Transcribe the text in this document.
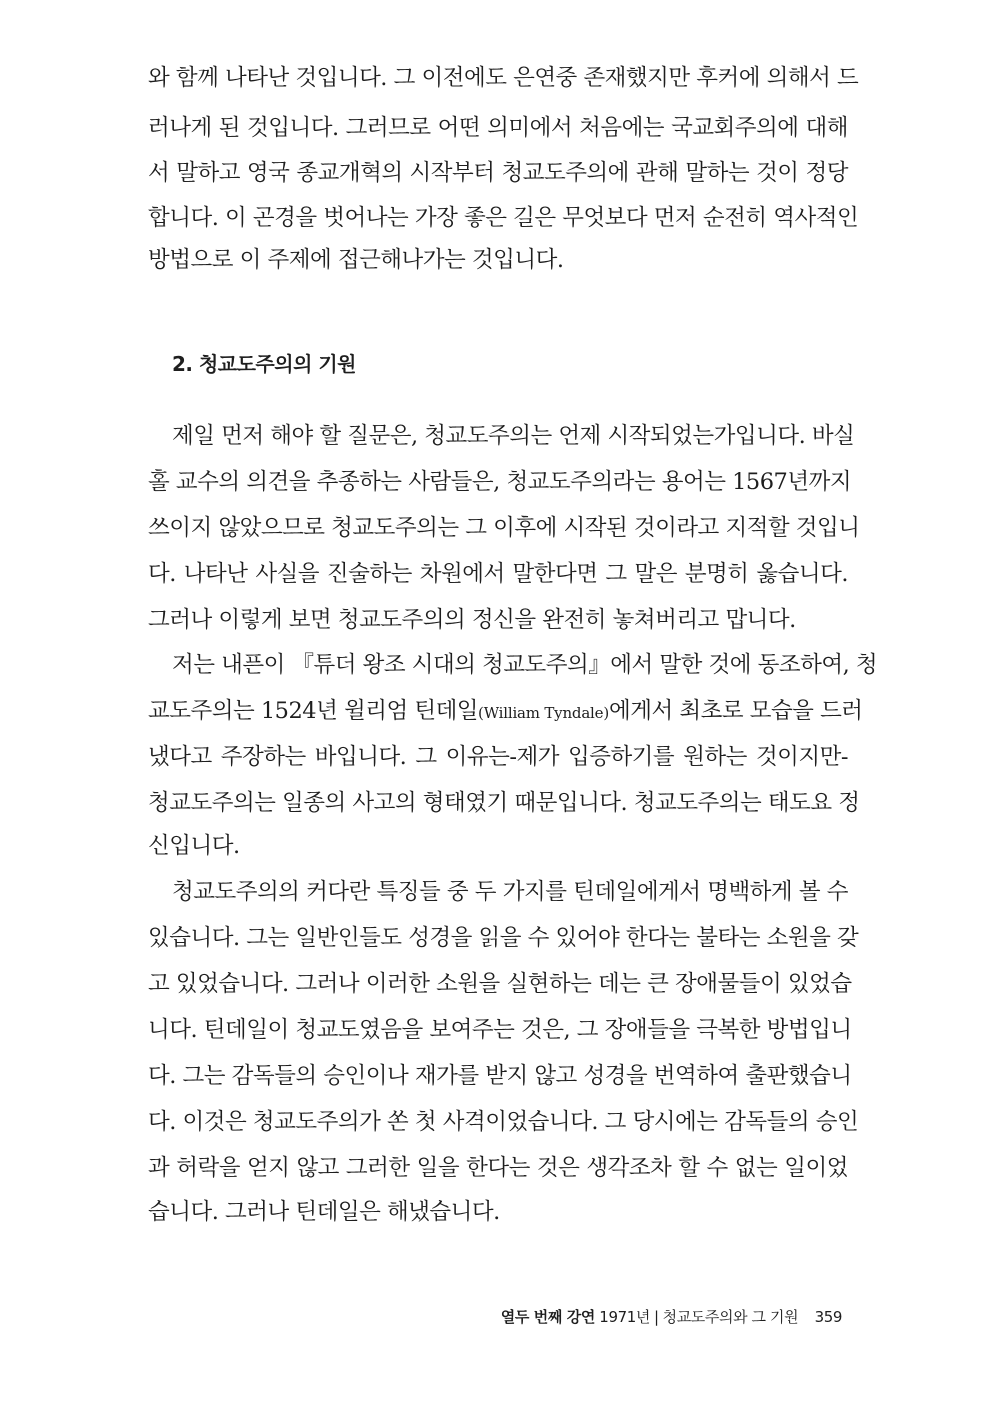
와 함께 나타난 것입니다. 그 이전에도 은연중 존재했지만 후커에 의해서 드
러나게 된 것입니다. 그러므로 어떤 의미에서 처음에는 국교회주의에 대해
서 말하고 영국 종교개혁의 시작부터 청교도주의에 관해 말하는 것이 정당
합니다. 이 곤경을 벗어나는 가장 좋은 길은 무엇보다 먼저 순전히 역사적인
방법으로 이 주제에 접근해나가는 것입니다.
2. 청교도주의의 기원
제일 먼저 해야 할 질문은, 청교도주의는 언제 시작되었는가입니다. 바실
홀 교수의 의견을 추종하는 사람들은, 청교도주의라는 용어는 1567년까지
쓰이지 않았으므로 청교도주의는 그 이후에 시작된 것이라고 지적할 것입니
다. 나타난 사실을 진술하는 차원에서 말한다면 그 말은 분명히 옳습니다.
그러나 이렇게 보면 청교도주의의 정신을 완전히 놓쳐버리고 맙니다.
저는 내픈이 『튜더 왕조 시대의 청교도주의』에서 말한 것에 동조하여, 청
교도주의는 1524년 윌리엄 틴데일(William Tyndale)에게서 최초로 모습을 드러
냈다고 주장하는 바입니다. 그 이유는-제가 입증하기를 원하는 것이지만-
청교도주의는 일종의 사고의 형태였기 때문입니다. 청교도주의는 태도요 정
신입니다.
청교도주의의 커다란 특징들 중 두 가지를 틴데일에게서 명백하게 볼 수
있습니다. 그는 일반인들도 성경을 읽을 수 있어야 한다는 불타는 소원을 갖
고 있었습니다. 그러나 이러한 소원을 실현하는 데는 큰 장애물들이 있었습
니다. 틴데일이 청교도였음을 보여주는 것은, 그 장애들을 극복한 방법입니
다. 그는 감독들의 승인이나 재가를 받지 않고 성경을 번역하여 출판했습니
다. 이것은 청교도주의가 쏜 첫 사격이었습니다. 그 당시에는 감독들의 승인
과 허락을 얻지 않고 그러한 일을 한다는 것은 생각조차 할 수 없는 일이었
습니다. 그러나 틴데일은 해냈습니다.
열두 번째 강연 1971년 | 청교도주의와 그 기원 359
